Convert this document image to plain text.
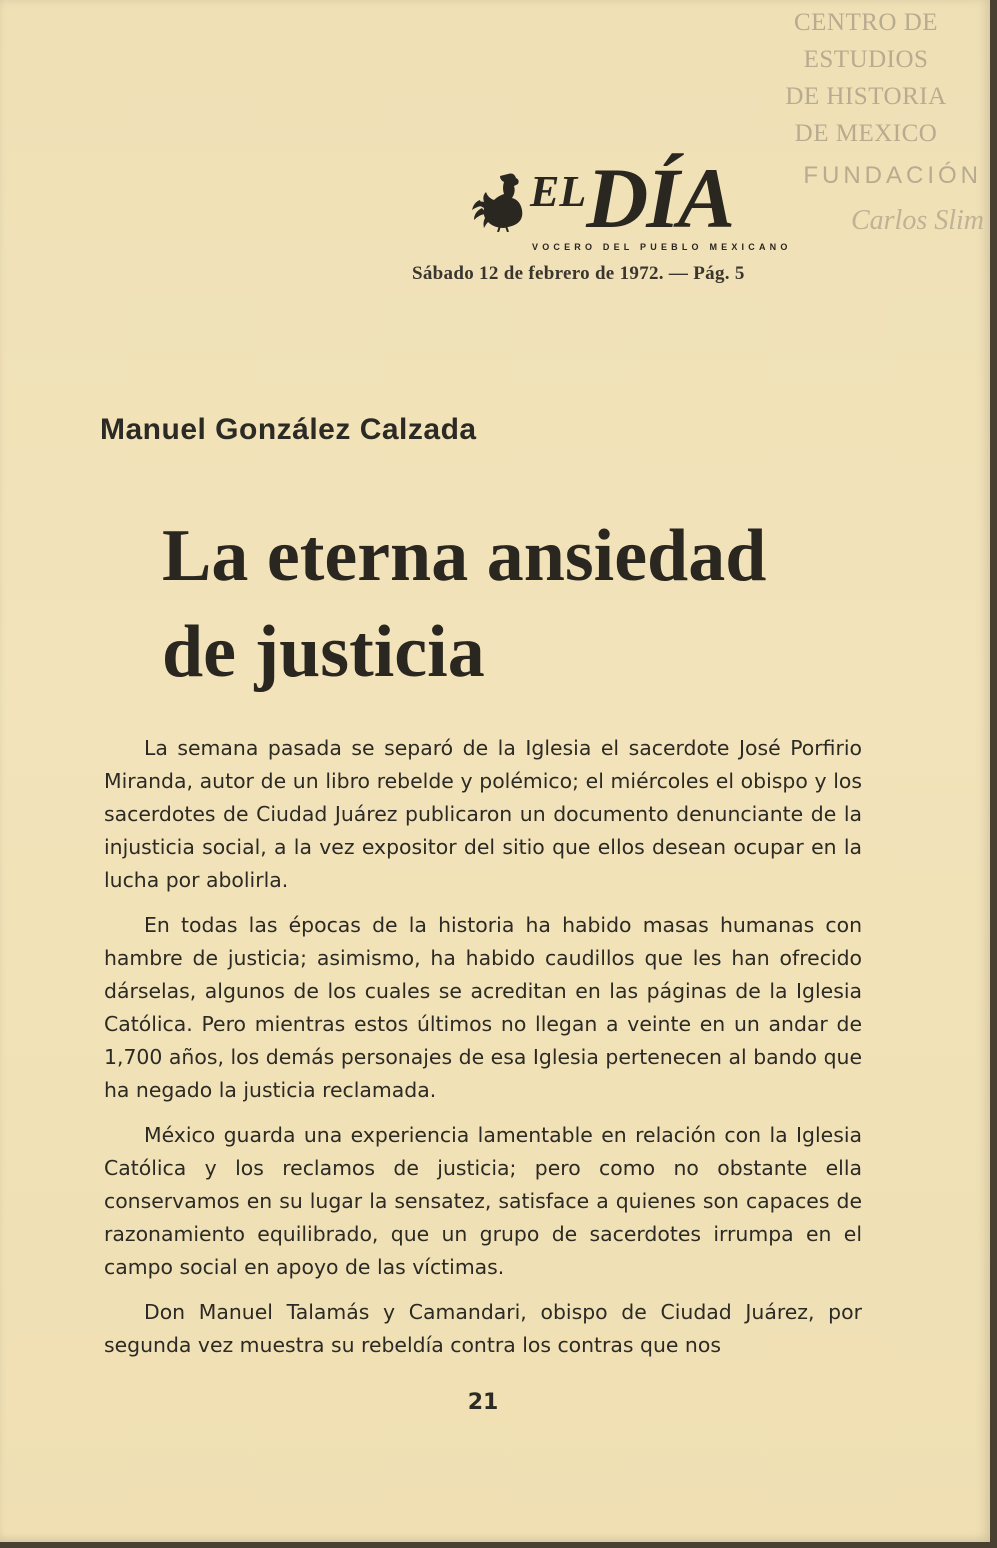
CENTRO DE
ESTUDIOS
DE HISTORIA
DE MEXICO
FUNDACIÓN
Carlos Slim
ELDÍA
VOCERO DEL PUEBLO MEXICANO
Sábado 12 de febrero de 1972. — Pág. 5
Manuel González Calzada
La eterna ansiedad
de justicia

La semana pasada se separó de la Iglesia el sacerdote José Porfirio Miranda, autor de un libro rebelde y polémico; el miércoles el obispo y los sacerdotes de Ciudad Juárez publicaron un documento denunciante de la injusticia social, a la vez expositor del sitio que ellos desean ocupar en la lucha por abolirla.

En todas las épocas de la historia ha habido masas humanas con hambre de justicia; asimismo, ha habido caudillos que les han ofrecido dárselas, algunos de los cuales se acreditan en las páginas de la Iglesia Católica. Pero mientras estos últimos no llegan a veinte en un andar de 1,700 años, los demás personajes de esa Iglesia pertenecen al bando que ha negado la justicia reclamada.

México guarda una experiencia lamentable en relación con la Iglesia Católica y los reclamos de justicia; pero como no obstante ella conservamos en su lugar la sensatez, satisface a quienes son capaces de razonamiento equilibrado, que un grupo de sacerdotes irrumpa en el campo social en apoyo de las víctimas.

Don Manuel Talamás y Camandari, obispo de Ciudad Juárez, por segunda vez muestra su rebeldía contra los contras que nos

21
